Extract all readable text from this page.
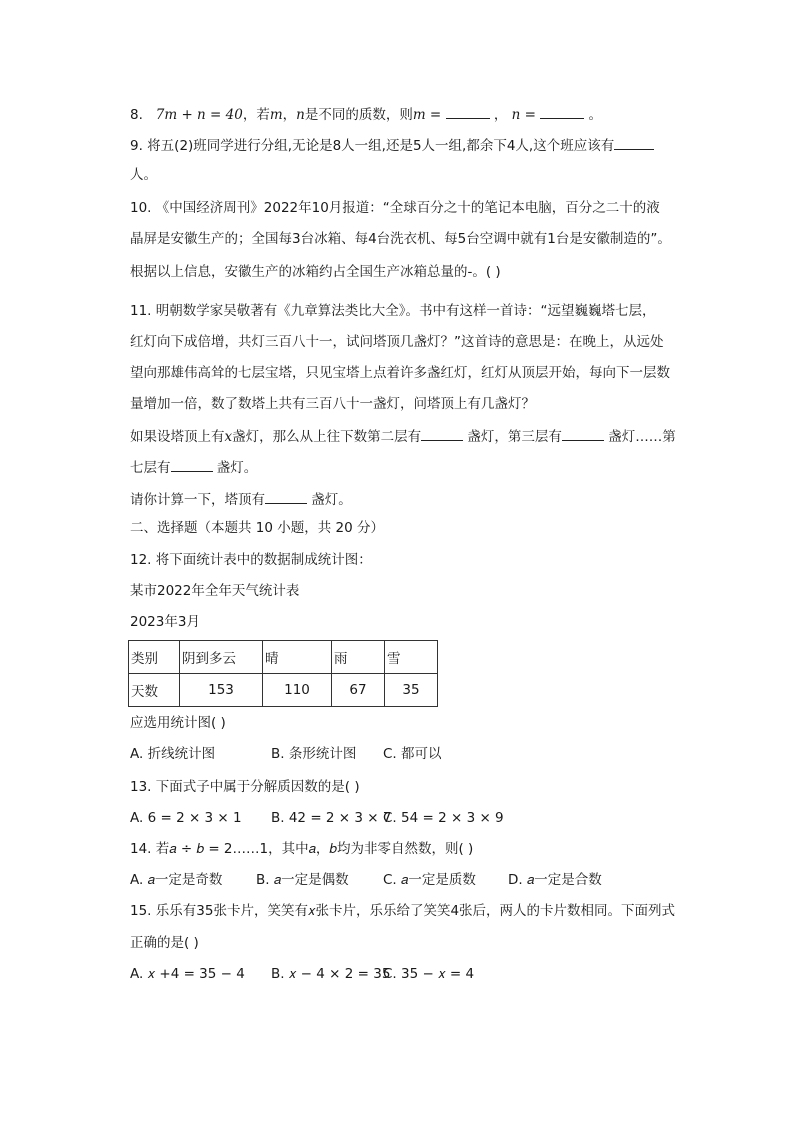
8. 7m + n = 40，若m，n是不同的质数，则m =	， n =	。
9. 将五(2)班同学进行分组,无论是8人一组,还是5人一组,都余下4人,这个班应该有
人。
10. 《中国经济周刊》2022年10月报道：“全球百分之十的笔记本电脑，百分之二十的液
晶屏是安徽生产的；全国每3台冰箱、每4台洗衣机、每5台空调中就有1台是安徽制造的”。
根据以上信息，安徽生产的冰箱约占全国生产冰箱总量的-。( )
11. 明朝数学家吴敬著有《九章算法类比大全》。书中有这样一首诗：“远望巍巍塔七层，
红灯向下成倍增，共灯三百八十一，试问塔顶几盏灯？”这首诗的意思是：在晚上，从远处
望向那雄伟高耸的七层宝塔，只见宝塔上点着许多盏红灯，红灯从顶层开始，每向下一层数
量增加一倍，数了数塔上共有三百八十一盏灯，问塔顶上有几盏灯？
如果设塔顶上有x盏灯，那么从上往下数第二层有	盏灯，第三层有	盏灯……第
七层有	盏灯。
请你计算一下，塔顶有	盏灯。
二、选择题（本题共 10 小题，共 20 分）
12. 将下面统计表中的数据制成统计图：
某市2022年全年天气统计表
2023年3月
类别	阴到多云	晴	雨	雪
天数	153	110	67	35
应选用统计图( )
A. 折线统计图	B. 条形统计图 C. 都可以
13. 下面式子中属于分解质因数的是( )
A. 6 = 2 × 3 × 1 B. 42 = 2 × 3 × 7
C. 54 = 2 × 3 × 9
14. 若𝑎 ÷ 𝑏 = 2……1，其中𝑎，𝑏均为非零自然数，则( )
A. 𝑎一定是奇数 B. 𝑎一定是偶数	C. 𝑎一定是质数 D. 𝑎一定是合数
15. 乐乐有35张卡片，笑笑有𝑥张卡片，乐乐给了笑笑4张后，两人的卡片数相同。下面列式
正确的是( )
A. 𝑥 +4 = 35 − 4 B. 𝑥 − 4 × 2 = 35
C. 35 − 𝑥 = 4
